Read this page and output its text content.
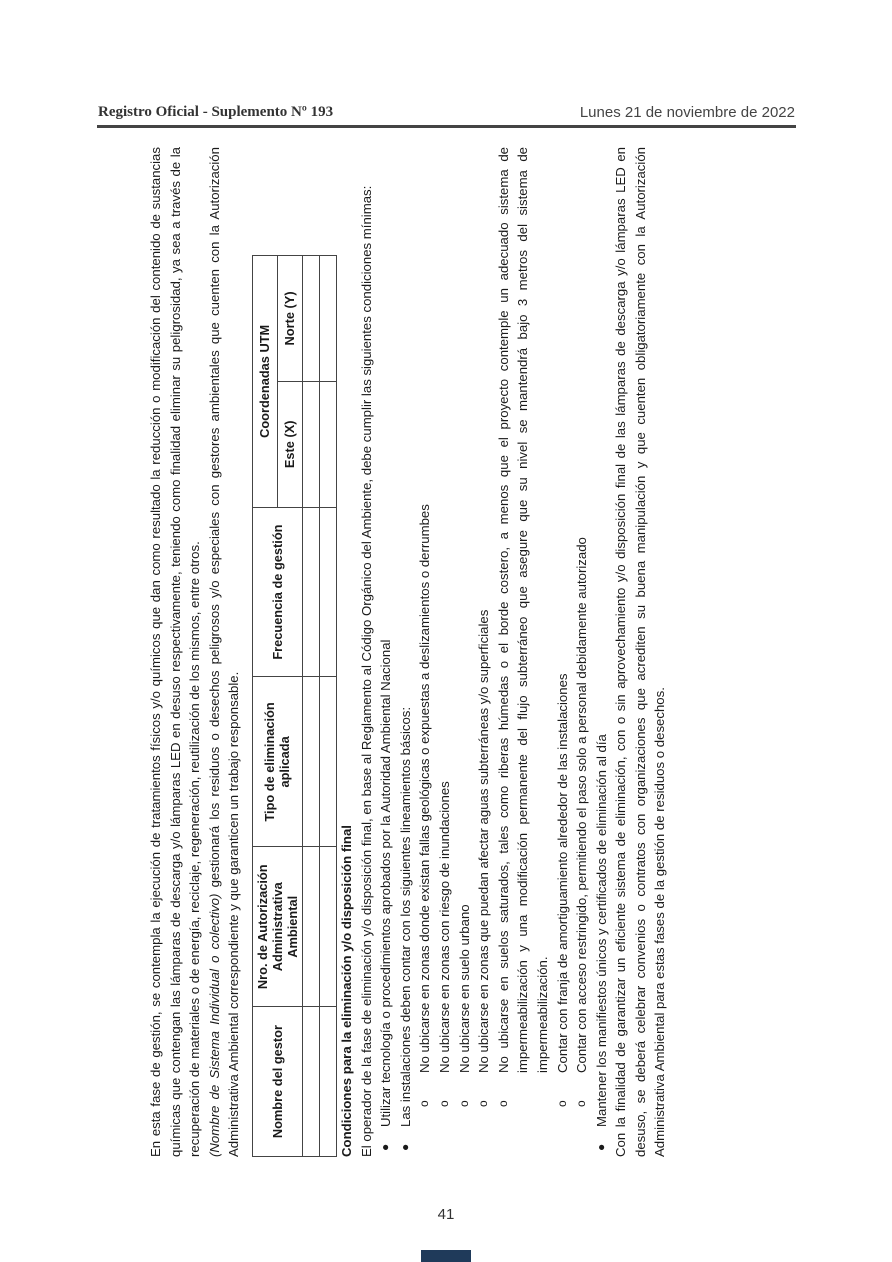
Registro Oficial - Suplemento Nº 193	Lunes 21 de noviembre de 2022

En esta fase de gestión, se contempla la ejecución de tratamientos físicos y/o químicos que dan como resultado la reducción o modificación del contenido de sustancias químicas que contengan las lámparas de descarga y/o lámparas LED en desuso respectivamente, teniendo como finalidad eliminar su peligrosidad, ya sea a través de la recuperación de materiales o de energía, reciclaje, regeneración, reutilización de los mismos, entre otros. (Nombre de Sistema Individual o colectivo) gestionará los residuos o desechos peligrosos y/o especiales con gestores ambientales que cuenten con la Autorización Administrativa Ambiental correspondiente y que garanticen un trabajo responsable. Nombre del gestor	Nro. de Autorización Administrativa Ambiental	Tipo de eliminación aplicada	Frecuencia de gestión	Coordenadas UTM	
				Este (X)	Norte (Y)

Condiciones para la eliminación y/o disposición final El operador de la fase de eliminación y/o disposición final, en base al Reglamento al Código Orgánico del Ambiente, debe cumplir las siguientes condiciones mínimas: ● Utilizar tecnología o procedimientos aprobados por la Autoridad Ambiental Nacional ● Las instalaciones deben contar con los siguientes lineamientos básicos: o No ubicarse en zonas donde existan fallas geológicas o expuestas a deslizamientos o derrumbes o No ubicarse en zonas con riesgo de inundaciones o No ubicarse en suelo urbano o No ubicarse en zonas que puedan afectar aguas subterráneas y/o superficiales o No ubicarse en suelos saturados, tales como riberas húmedas o el borde costero, a menos que el proyecto contemple un adecuado sistema de impermeabilización y una modificación permanente del flujo subterráneo que asegure que su nivel se mantendrá bajo 3 metros del sistema de impermeabilización. o Contar con franja de amortiguamiento alrededor de las instalaciones o Contar con acceso restringido, permitiendo el paso solo a personal debidamente autorizado ● Mantener los manifiestos únicos y certificados de eliminación al día Con la finalidad de garantizar un eficiente sistema de eliminación, con o sin aprovechamiento y/o disposición final de las lámparas de descarga y/o lámparas LED en desuso, se deberá celebrar convenios o contratos con organizaciones que acrediten su buena manipulación y que cuenten obligatoriamente con la Autorización Administrativa Ambiental para estas fases de la gestión de residuos o desechos.

41
